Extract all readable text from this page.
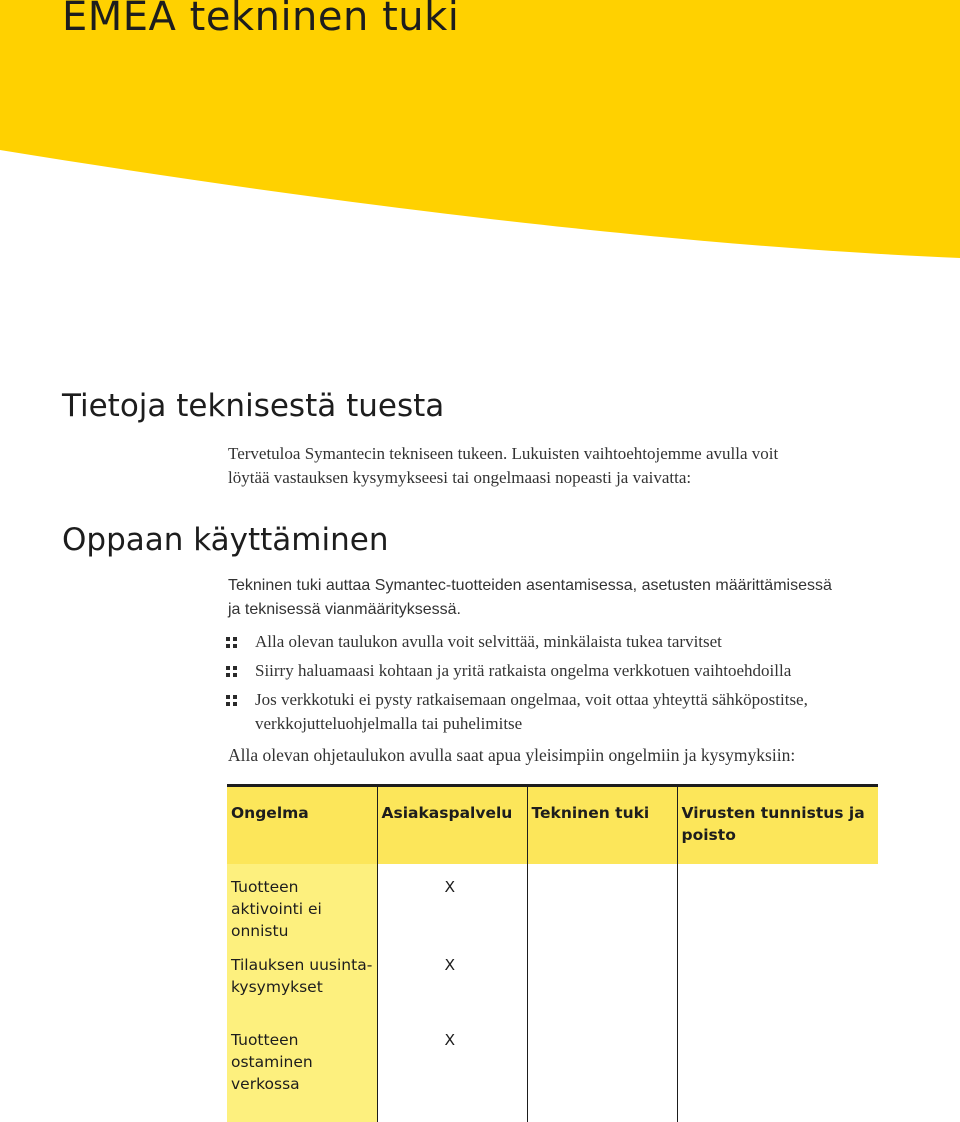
EMEA tekninen tuki
Tietoja teknisestä tuesta

Tervetuloa Symantecin tekniseen tukeen. Lukuisten vaihtoehtojemme avulla voit
löytää vastauksen kysymykseesi tai ongelmaasi nopeasti ja vaivatta:

Oppaan käyttäminen

Tekninen tuki auttaa Symantec-tuotteiden asentamisessa, asetusten määrittämisessä
ja teknisessä vianmäärityksessä.

Alla olevan taulukon avulla voit selvittää, minkälaista tukea tarvitset
Siirry haluamaasi kohtaan ja yritä ratkaista ongelma verkkotuen vaihtoehdoilla
Jos verkkotuki ei pysty ratkaisemaan ongelmaa, voit ottaa yhteyttä sähköpostitse, verkkojutteluohjelmalla tai puhelimitse

Alla olevan ohjetaulukon avulla saat apua yleisimpiin ongelmiin ja kysymyksiin:

Ongelma	Asiakaspalvelu	Tekninen tuki	Virusten tunnistus ja poisto
Tuotteen aktivointi ei onnistu	X		
Tilauksen uusinta-kysymykset	X		
Tuotteen ostaminen verkossa	X		
